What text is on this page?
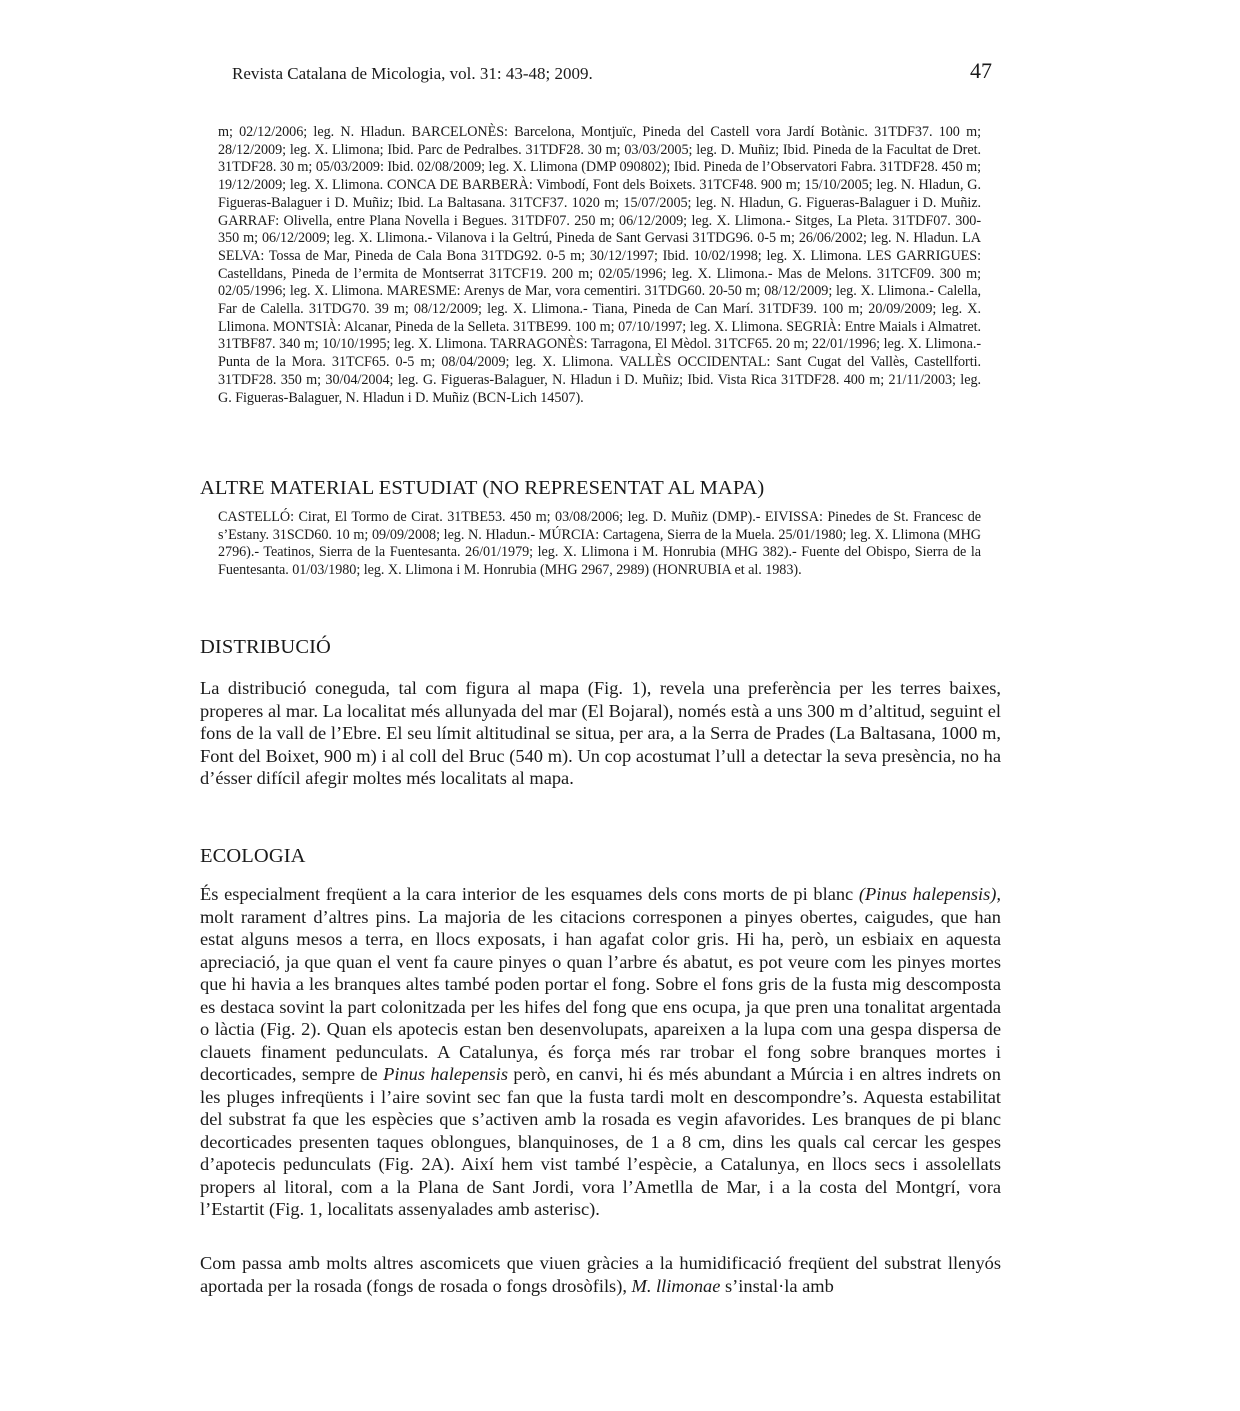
Revista Catalana de Micologia, vol. 31: 43-48; 2009.	47

m; 02/12/2006; leg. N. Hladun. BARCELONÈS: Barcelona, Montjuïc, Pineda del Castell vora Jardí Botànic. 31TDF37. 100 m; 28/12/2009; leg. X. Llimona; Ibid. Parc de Pedralbes. 31TDF28. 30 m; 03/03/2005; leg. D. Muñiz; Ibid. Pineda de la Facultat de Dret. 31TDF28. 30 m; 05/03/2009: Ibid. 02/08/2009; leg. X. Llimona (DMP 090802); Ibid. Pineda de l’Observatori Fabra. 31TDF28. 450 m; 19/12/2009; leg. X. Llimona. CONCA DE BARBERÀ: Vimbodí, Font dels Boixets. 31TCF48. 900 m; 15/10/2005; leg. N. Hladun, G. Figueras-Balaguer i D. Muñiz; Ibid. La Baltasana. 31TCF37. 1020 m; 15/07/2005; leg. N. Hladun, G. Figueras-Balaguer i D. Muñiz. GARRAF: Olivella, entre Plana Novella i Begues. 31TDF07. 250 m; 06/12/2009; leg. X. Llimona.- Sitges, La Pleta. 31TDF07. 300-350 m; 06/12/2009; leg. X. Llimona.- Vilanova i la Geltrú, Pineda de Sant Gervasi 31TDG96. 0-5 m; 26/06/2002; leg. N. Hladun. LA SELVA: Tossa de Mar, Pineda de Cala Bona 31TDG92. 0-5 m; 30/12/1997; Ibid. 10/02/1998; leg. X. Llimona. LES GARRIGUES: Castelldans, Pineda de l’ermita de Montserrat 31TCF19. 200 m; 02/05/1996; leg. X. Llimona.- Mas de Melons. 31TCF09. 300 m; 02/05/1996; leg. X. Llimona. MARESME: Arenys de Mar, vora cementiri. 31TDG60. 20-50 m; 08/12/2009; leg. X. Llimona.- Calella, Far de Calella. 31TDG70. 39 m; 08/12/2009; leg. X. Llimona.- Tiana, Pineda de Can Marí. 31TDF39. 100 m; 20/09/2009; leg. X. Llimona. MONTSIÀ: Alcanar, Pineda de la Selleta. 31TBE99. 100 m; 07/10/1997; leg. X. Llimona. SEGRIÀ: Entre Maials i Almatret. 31TBF87. 340 m; 10/10/1995; leg. X. Llimona. TARRAGONÈS: Tarragona, El Mèdol. 31TCF65. 20 m; 22/01/1996; leg. X. Llimona.- Punta de la Mora. 31TCF65. 0-5 m; 08/04/2009; leg. X. Llimona. VALLÈS OCCIDENTAL: Sant Cugat del Vallès, Castellforti. 31TDF28. 350 m; 30/04/2004; leg. G. Figueras-Balaguer, N. Hladun i D. Muñiz; Ibid. Vista Rica 31TDF28. 400 m; 21/11/2003; leg. G. Figueras-Balaguer, N. Hladun i D. Muñiz (BCN-Lich 14507).

ALTRE MATERIAL ESTUDIAT (NO REPRESENTAT AL MAPA)

CASTELLÓ: Cirat, El Tormo de Cirat. 31TBE53. 450 m; 03/08/2006; leg. D. Muñiz (DMP).- EIVISSA: Pinedes de St. Francesc de s’Estany. 31SCD60. 10 m; 09/09/2008; leg. N. Hladun.- MÚRCIA: Cartagena, Sierra de la Muela. 25/01/1980; leg. X. Llimona (MHG 2796).- Teatinos, Sierra de la Fuentesanta. 26/01/1979; leg. X. Llimona i M. Honrubia (MHG 382).- Fuente del Obispo, Sierra de la Fuentesanta. 01/03/1980; leg. X. Llimona i M. Honrubia (MHG 2967, 2989) (HONRUBIA et al. 1983).

DISTRIBUCIÓ

La distribució coneguda, tal com figura al mapa (Fig. 1), revela una preferència per les terres baixes, properes al mar. La localitat més allunyada del mar (El Bojaral), només està a uns 300 m d’altitud, seguint el fons de la vall de l’Ebre. El seu límit altitudinal se situa, per ara, a la Serra de Prades (La Baltasana, 1000 m, Font del Boixet, 900 m) i al coll del Bruc (540 m). Un cop acostumat l’ull a detectar la seva presència, no ha d’ésser difícil afegir moltes més localitats al mapa.

ECOLOGIA

És especialment freqüent a la cara interior de les esquames dels cons morts de pi blanc (Pinus halepensis), molt rarament d’altres pins. La majoria de les citacions corresponen a pinyes obertes, caigudes, que han estat alguns mesos a terra, en llocs exposats, i han agafat color gris. Hi ha, però, un esbiaix en aquesta apreciació, ja que quan el vent fa caure pinyes o quan l’arbre és abatut, es pot veure com les pinyes mortes que hi havia a les branques altes també poden portar el fong. Sobre el fons gris de la fusta mig descomposta es destaca sovint la part colonitzada per les hifes del fong que ens ocupa, ja que pren una tonalitat argentada o làctia (Fig. 2). Quan els apotecis estan ben desenvolupats, apareixen a la lupa com una gespa dispersa de clauets finament pedunculats. A Catalunya, és força més rar trobar el fong sobre branques mortes i decorticades, sempre de Pinus halepensis però, en canvi, hi és més abundant a Múrcia i en altres indrets on les pluges infreqüents i l’aire sovint sec fan que la fusta tardi molt en descompondre’s. Aquesta estabilitat del substrat fa que les espècies que s’activen amb la rosada es vegin afavorides. Les branques de pi blanc decorticades presenten taques oblongues, blanquinoses, de 1 a 8 cm, dins les quals cal cercar les gespes d’apotecis pedunculats (Fig. 2A). Així hem vist també l’espècie, a Catalunya, en llocs secs i assolellats propers al litoral, com a la Plana de Sant Jordi, vora l’Ametlla de Mar, i a la costa del Montgrí, vora l’Estartit (Fig. 1, localitats assenyalades amb asterisc).

Com passa amb molts altres ascomicets que viuen gràcies a la humidificació freqüent del substrat llenyós aportada per la rosada (fongs de rosada o fongs drosòfils), M. llimonae s’instal·la amb
